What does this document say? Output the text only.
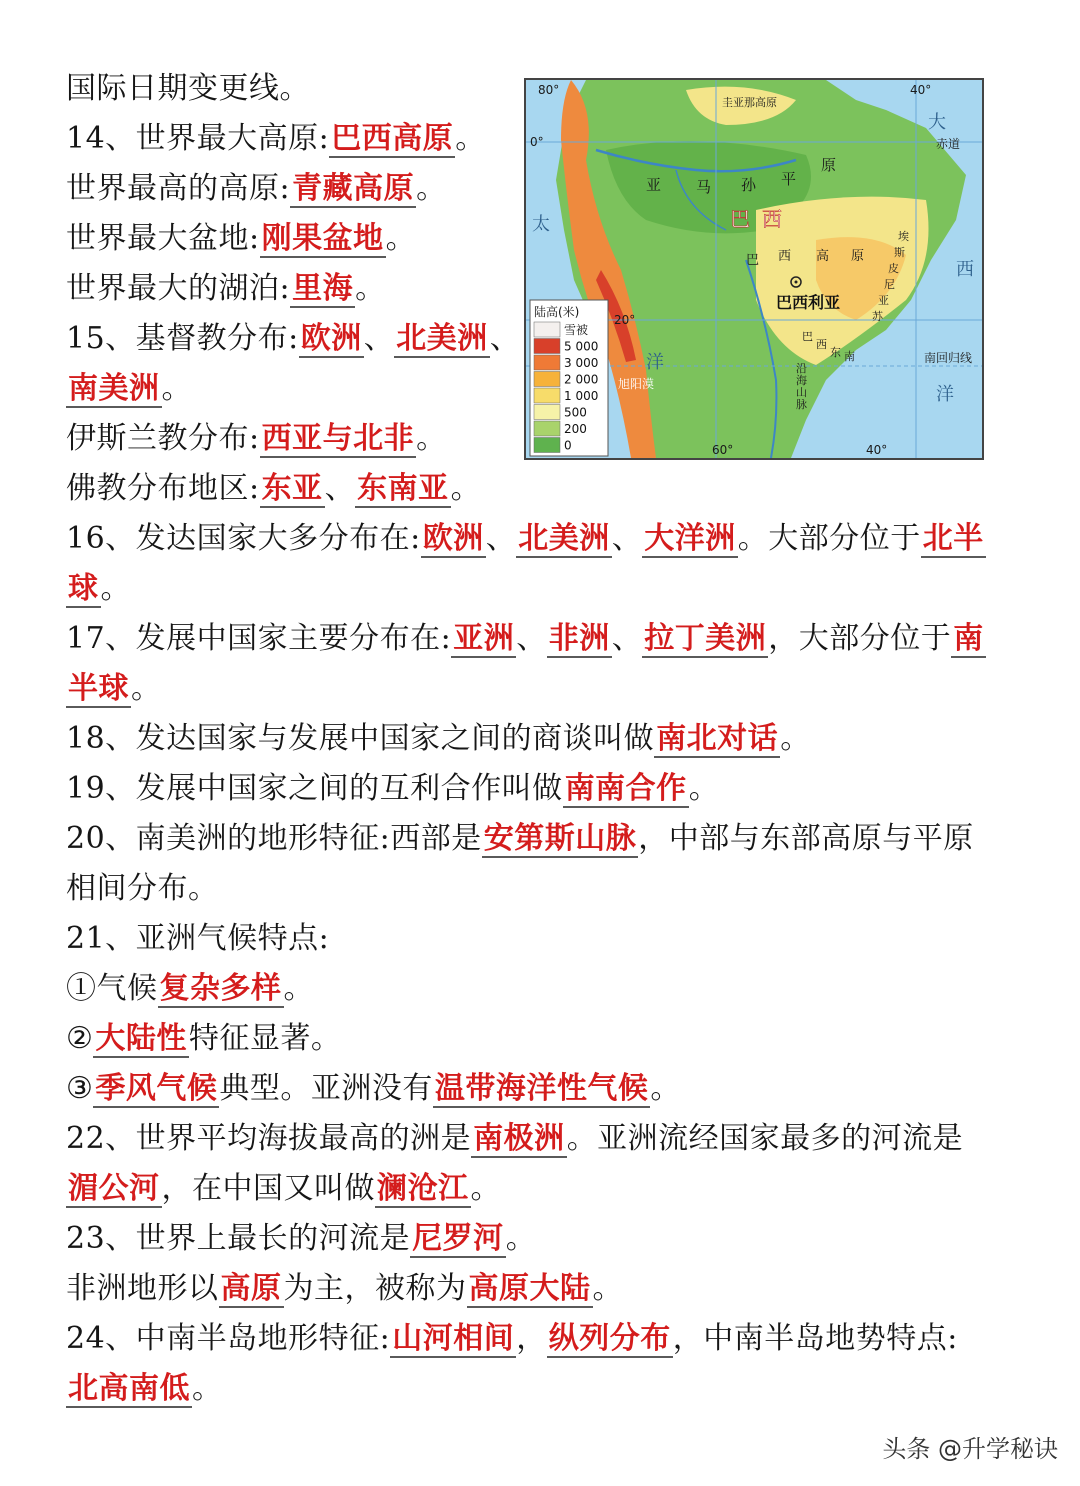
国际日期变更线。
14、世界最大高原:巴西高原。
世界最高的高原:青藏高原。
世界最大盆地:刚果盆地。
世界最大的湖泊:里海。
15、基督教分布:欧洲、北美洲、
南美洲。
伊斯兰教分布:西亚与北非。
佛教分布地区:东亚、东南亚。
16、发达国家大多分布在:欧洲、北美洲、大洋洲。大部分位于北半
球。
17、发展中国家主要分布在:亚洲、非洲、拉丁美洲，大部分位于南
半球。
18、发达国家与发展中国家之间的商谈叫做南北对话。
19、发展中国家之间的互利合作叫做南南合作。
20、南美洲的地形特征:西部是安第斯山脉，中部与东部高原与平原
相间分布。
21、亚洲气候特点:
①气候复杂多样。
②大陆性特征显著。
③季风气候典型。亚洲没有温带海洋性气候。
22、世界平均海拔最高的洲是南极洲。亚洲流经国家最多的河流是
湄公河，在中国又叫做澜沧江。
23、世界上最长的河流是尼罗河。
非洲地形以高原为主，被称为高原大陆。
24、中南半岛地形特征:山河相间，纵列分布，中南半岛地势特点:
北高南低。
亚 马 孙 平
原
巴 西
巴 西 高 原
巴西利亚
大
西
洋
太
洋
赤道
南回归线
0°
20°
80°
60°	40°
40°
旭阳漠
巴
西
东 南
沿
海
山
脉
埃
斯
皮
尼
亚
苏
圭亚那高原
陆高(米)
雪被
5 000
3 000
2 000
1 000
500
200
0
头条 @升学秘诀
